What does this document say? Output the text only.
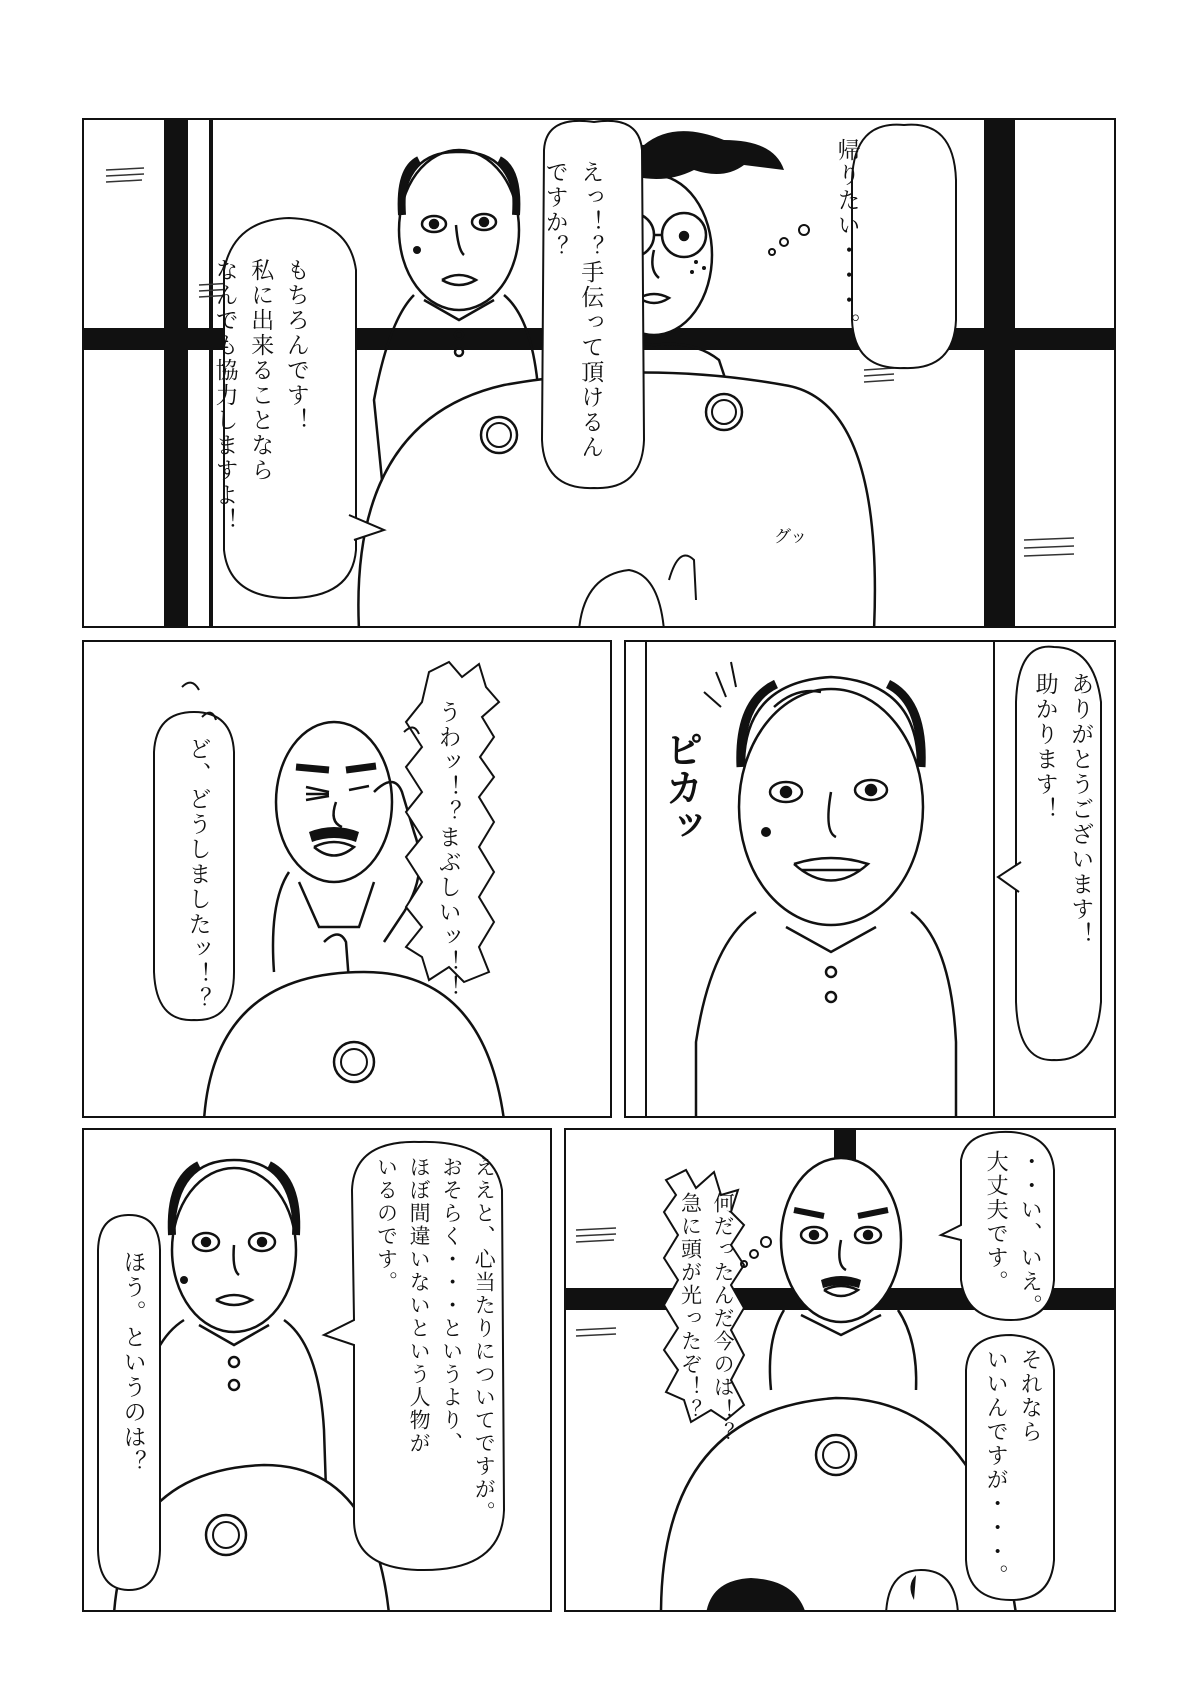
帰りたい・・・。
えっ！？手伝って頂けるん
ですか？
もちろんです！
私に出来ることなら
なんでも協力しますよ！
グッ
うわッ！？まぶしいッ！！
ど、どうしましたッ！？	ピカッ	ありがとうございます！
助かります！
ええと、心当たりについてですが。
おそらく・・・というより、
ほぼ間違いないという人物が
いるのです。
ほう。というのは？
・・い、いえ。
大丈夫です。
何だったんだ今のは！？
急に頭が光ったぞ！？	それなら
いいんですが・・・。
